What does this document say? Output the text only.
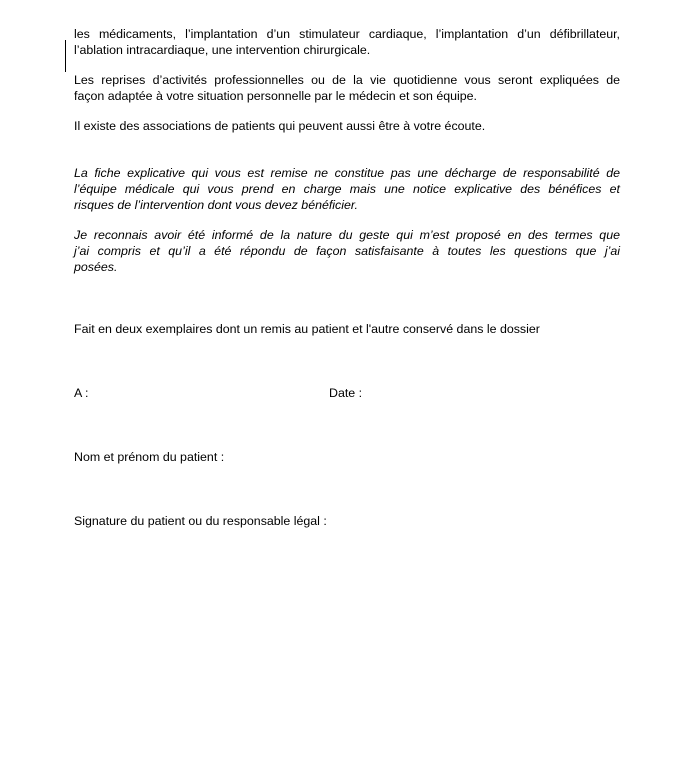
les médicaments, l’implantation d’un stimulateur cardiaque, l’implantation d’un défibrillateur,
l’ablation intracardiaque, une intervention chirurgicale.
Les reprises d’activités professionnelles ou de la vie quotidienne vous seront expliquées de
façon adaptée à votre situation personnelle par le médecin et son équipe.
Il existe des associations de patients qui peuvent aussi être à votre écoute.
La fiche explicative qui vous est remise ne constitue pas une décharge de responsabilité de
l’équipe médicale qui vous prend en charge mais une notice explicative des bénéfices et
risques de l’intervention dont vous devez bénéficier.
Je reconnais avoir été informé de la nature du geste qui m’est proposé en des termes que
j’ai compris et qu’il a été répondu de façon satisfaisante à toutes les questions que j’ai
posées.
Fait en deux exemplaires dont un remis au patient et l'autre conservé dans le dossier
A :	Date :
Nom et prénom du patient :
Signature du patient ou du responsable légal :
